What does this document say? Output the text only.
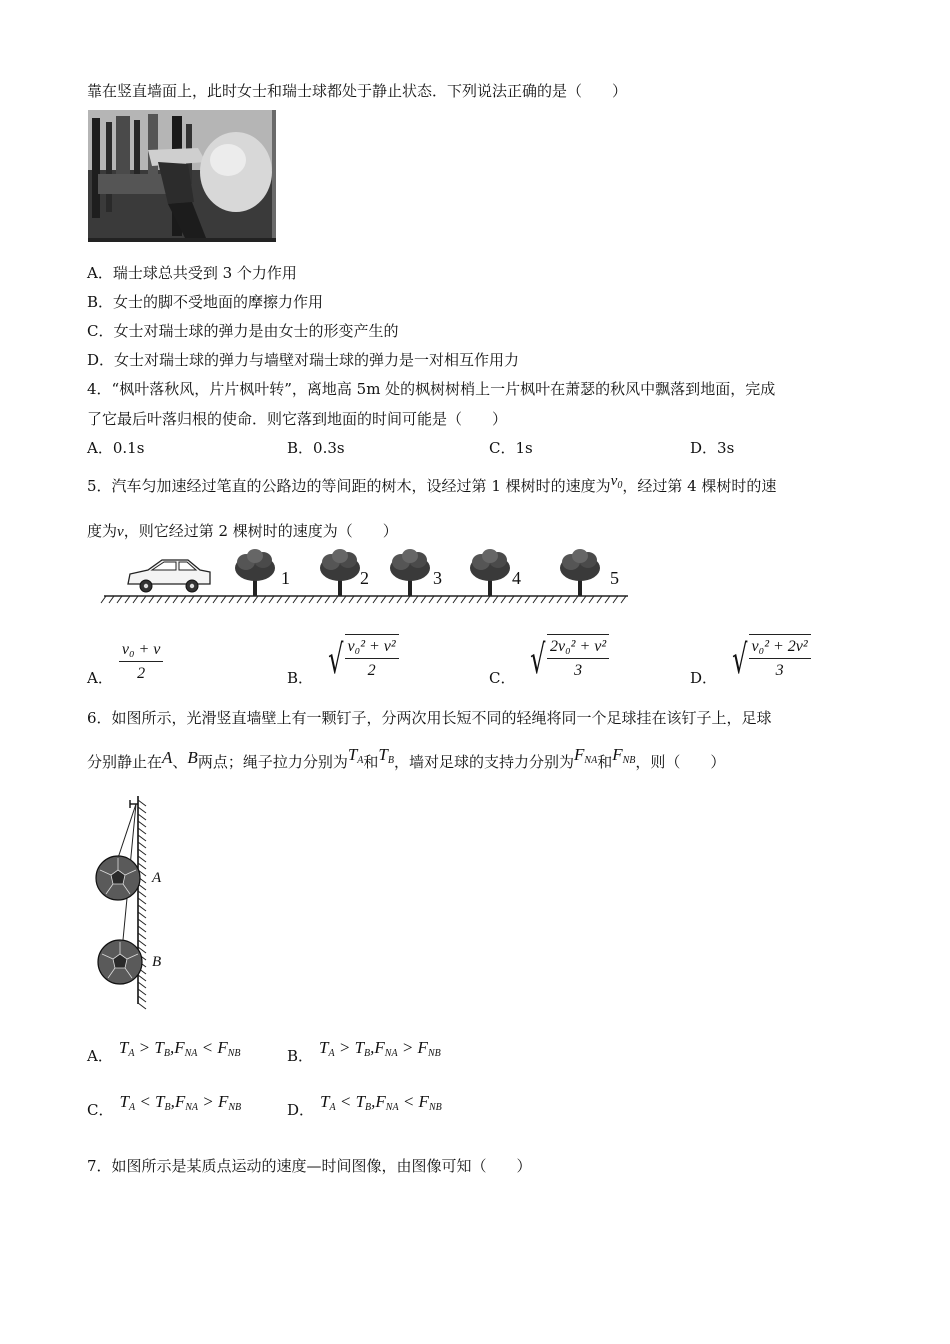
靠在竖直墙面上，此时女士和瑞士球都处于静止状态．下列说法正确的是（　　）
A．瑞士球总共受到 3 个力作用
B．女士的脚不受地面的摩擦力作用
C．女士对瑞士球的弹力是由女士的形变产生的
D．女士对瑞士球的弹力与墙壁对瑞士球的弹力是一对相互作用力
4．“枫叶落秋风，片片枫叶转”，离地高 5m 处的枫树树梢上一片枫叶在萧瑟的秋风中飘落到地面，完成
了它最后叶落归根的使命．则它落到地面的时间可能是（　　）
A．0.1s	B．0.3s	C．1s	D．3s
5．汽车匀加速经过笔直的公路边的等间距的树木，设经过第 1 棵树时的速度为$v_0$，经过第 4 棵树时的速
度为v，则它经过第 2 棵树时的速度为（　　）
1	2	3	4	5
A． $\frac{\text{v₀ + v}}{2}$	B． √ $\frac{\text{v₀² + v²}}{2}$	C． √ $\frac{\text{2v₀² + v²}}{3}$	D． √ $\frac{\text{v₀² + 2v²}}{3}$
6．如图所示，光滑竖直墙壁上有一颗钉子，分两次用长短不同的轻绳将同一个足球挂在该钉子上，足球
分别静止在A、B两点；绳子拉力分别为$T_A$和$T_B$，墙对足球的支持力分别为$F_{NA}$和$F_{NB}$，则（　　）
A
B
A． $T_A > T_B,F_{NA} < F_{NB}$	B． $T_A > T_B,F_{NA} > F_{NB}$
C． $T_A < T_B,F_{NA} > F_{NB}$	D． $T_A < T_B,F_{NA} < F_{NB}$
7．如图所示是某质点运动的速度—时间图像，由图像可知（　　）
